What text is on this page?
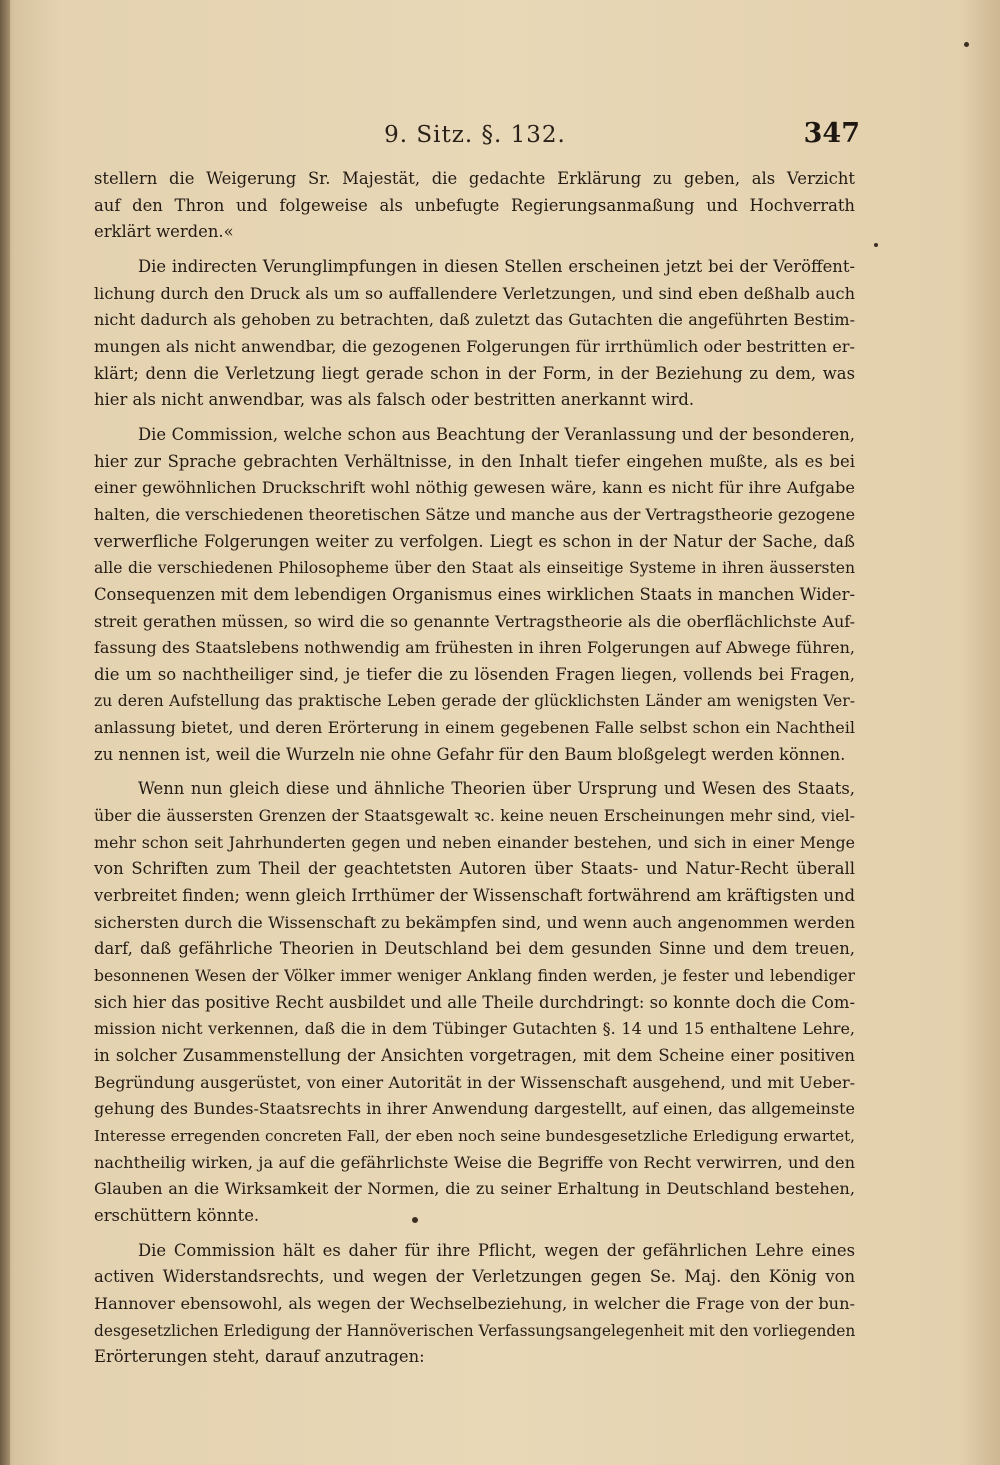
9. Sitz. §. 132.	347
stellern die Weigerung Sr. Majestät, die gedachte Erklärung zu geben, als Verzicht
auf den Thron und folgeweise als unbefugte Regierungsanmaßung und Hochverrath
erklärt werden.«
Die indirecten Verunglimpfungen in diesen Stellen erscheinen jetzt bei der Veröffent-
lichung durch den Druck als um so auffallendere Verletzungen, und sind eben deßhalb auch
nicht dadurch als gehoben zu betrachten, daß zuletzt das Gutachten die angeführten Bestim-
mungen als nicht anwendbar, die gezogenen Folgerungen für irrthümlich oder bestritten er-
klärt; denn die Verletzung liegt gerade schon in der Form, in der Beziehung zu dem, was
hier als nicht anwendbar, was als falsch oder bestritten anerkannt wird.
Die Commission, welche schon aus Beachtung der Veranlassung und der besonderen,
hier zur Sprache gebrachten Verhältnisse, in den Inhalt tiefer eingehen mußte, als es bei
einer gewöhnlichen Druckschrift wohl nöthig gewesen wäre, kann es nicht für ihre Aufgabe
halten, die verschiedenen theoretischen Sätze und manche aus der Vertragstheorie gezogene
verwerfliche Folgerungen weiter zu verfolgen. Liegt es schon in der Natur der Sache, daß
alle die verschiedenen Philosopheme über den Staat als einseitige Systeme in ihren äussersten
Consequenzen mit dem lebendigen Organismus eines wirklichen Staats in manchen Wider-
streit gerathen müssen, so wird die so genannte Vertragstheorie als die oberflächlichste Auf-
fassung des Staatslebens nothwendig am frühesten in ihren Folgerungen auf Abwege führen,
die um so nachtheiliger sind, je tiefer die zu lösenden Fragen liegen, vollends bei Fragen,
zu deren Aufstellung das praktische Leben gerade der glücklichsten Länder am wenigsten Ver-
anlassung bietet, und deren Erörterung in einem gegebenen Falle selbst schon ein Nachtheil
zu nennen ist, weil die Wurzeln nie ohne Gefahr für den Baum bloßgelegt werden können.
Wenn nun gleich diese und ähnliche Theorien über Ursprung und Wesen des Staats,
über die äussersten Grenzen der Staatsgewalt ꝛc. keine neuen Erscheinungen mehr sind, viel-
mehr schon seit Jahrhunderten gegen und neben einander bestehen, und sich in einer Menge
von Schriften zum Theil der geachtetsten Autoren über Staats- und Natur-Recht überall
verbreitet finden; wenn gleich Irrthümer der Wissenschaft fortwährend am kräftigsten und
sichersten durch die Wissenschaft zu bekämpfen sind, und wenn auch angenommen werden
darf, daß gefährliche Theorien in Deutschland bei dem gesunden Sinne und dem treuen,
besonnenen Wesen der Völker immer weniger Anklang finden werden, je fester und lebendiger
sich hier das positive Recht ausbildet und alle Theile durchdringt: so konnte doch die Com-
mission nicht verkennen, daß die in dem Tübinger Gutachten §. 14 und 15 enthaltene Lehre,
in solcher Zusammenstellung der Ansichten vorgetragen, mit dem Scheine einer positiven
Begründung ausgerüstet, von einer Autorität in der Wissenschaft ausgehend, und mit Ueber-
gehung des Bundes-Staatsrechts in ihrer Anwendung dargestellt, auf einen, das allgemeinste
Interesse erregenden concreten Fall, der eben noch seine bundesgesetzliche Erledigung erwartet,
nachtheilig wirken, ja auf die gefährlichste Weise die Begriffe von Recht verwirren, und den
Glauben an die Wirksamkeit der Normen, die zu seiner Erhaltung in Deutschland bestehen,
erschüttern könnte.
Die Commission hält es daher für ihre Pflicht, wegen der gefährlichen Lehre eines
activen Widerstandsrechts, und wegen der Verletzungen gegen Se. Maj. den König von
Hannover ebensowohl, als wegen der Wechselbeziehung, in welcher die Frage von der bun-
desgesetzlichen Erledigung der Hannöverischen Verfassungsangelegenheit mit den vorliegenden
Erörterungen steht, darauf anzutragen:
